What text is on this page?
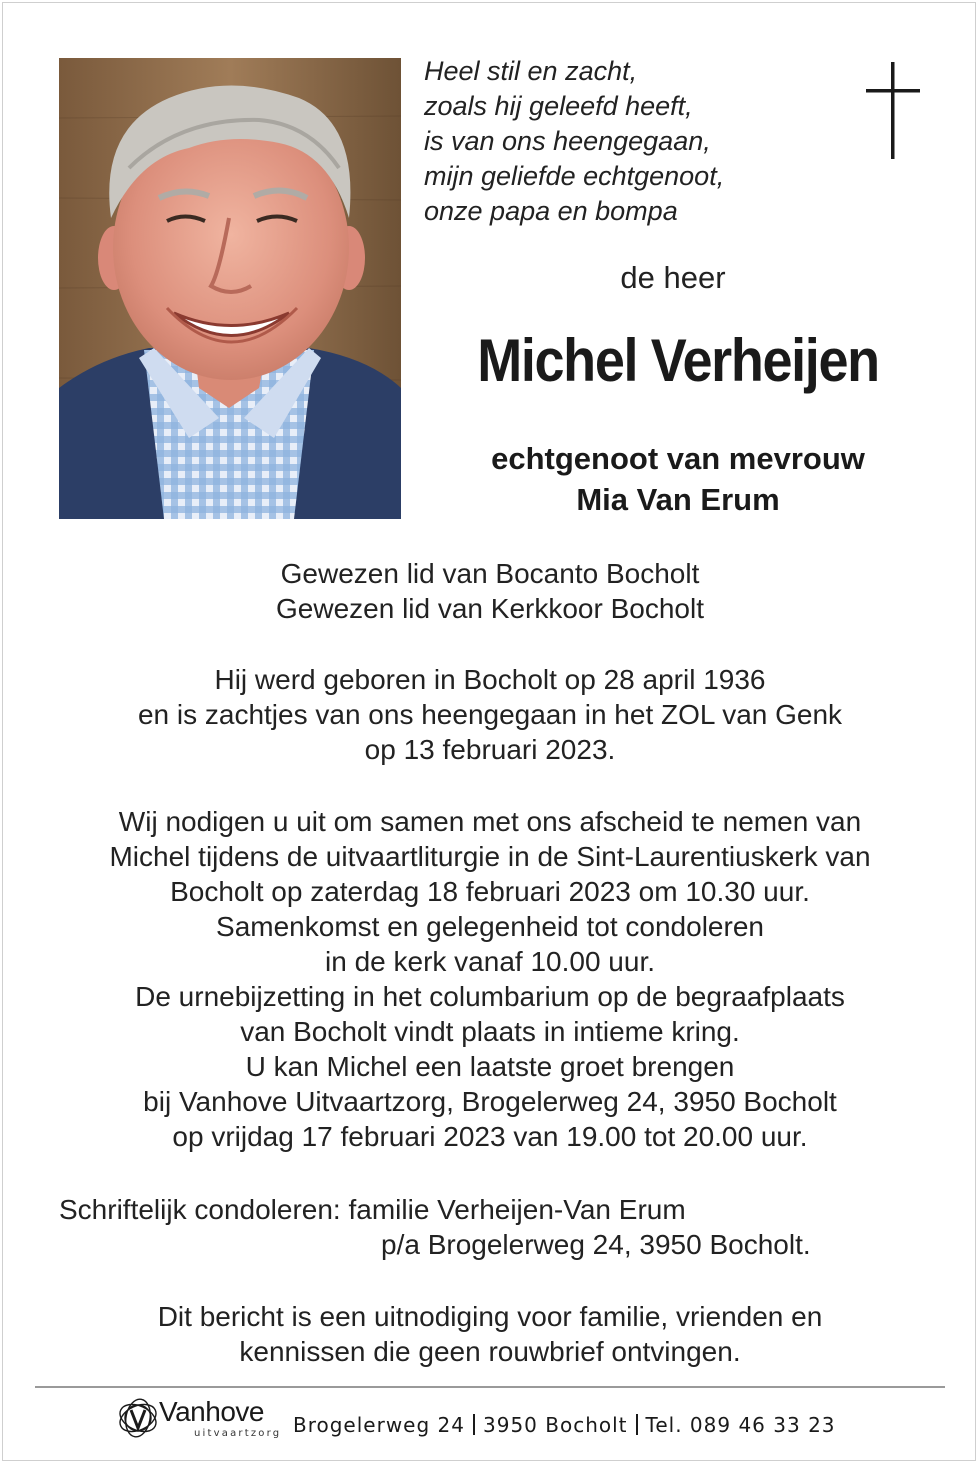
Heel stil en zacht,
zoals hij geleefd heeft,
is van ons heengegaan,
mijn geliefde echtgenoot,
onze papa en bompa
de heer
Michel Verheijen
echtgenoot van mevrouw
Mia Van Erum
Gewezen lid van Bocanto Bocholt
Gewezen lid van Kerkkoor Bocholt
Hij werd geboren in Bocholt op 28 april 1936
en is zachtjes van ons heengegaan in het ZOL van Genk
op 13 februari 2023.
Wij nodigen u uit om samen met ons afscheid te nemen van
Michel tijdens de uitvaartliturgie in de Sint-Laurentiuskerk van
Bocholt op zaterdag 18 februari 2023 om 10.30 uur.
Samenkomst en gelegenheid tot condoleren
in de kerk vanaf 10.00 uur.
De urnebijzetting in het columbarium op de begraafplaats
van Bocholt vindt plaats in intieme kring.
U kan Michel een laatste groet brengen
bij Vanhove Uitvaartzorg, Brogelerweg 24, 3950 Bocholt
op vrijdag 17 februari 2023 van 19.00 tot 20.00 uur.
Schriftelijk condoleren: familie Verheijen-Van Erum
p/a Brogelerweg 24, 3950 Bocholt.
Dit bericht is een uitnodiging voor familie, vrienden en
kennissen die geen rouwbrief ontvingen.
Vanhove
uitvaartzorg Brogelerweg 24 3950 Bocholt Tel. 089 46 33 23
